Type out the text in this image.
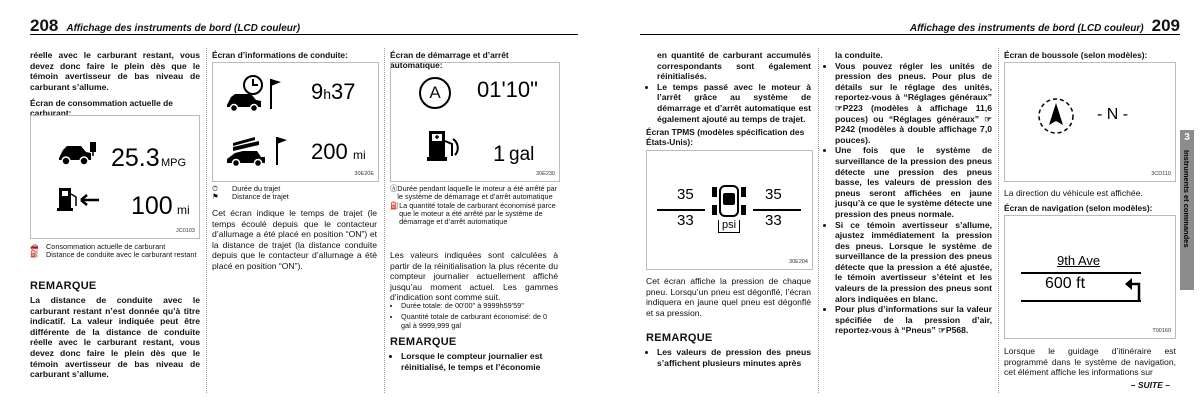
208 Affichage des instruments de bord (LCD couleur)
réelle avec le carburant restant, vous devez donc faire le plein dès que le témoin avertisseur de bas niveau de carburant s’allume.
Écran de consommation actuelle de carburant:
25.3 MPG
100 mi
JC0103
🚗 Consommation actuelle de carburant
⛽ Distance de conduite avec le carburant restant
REMARQUE
La distance de conduite avec le carburant restant n’est donnée qu’à titre indicatif. La valeur indiquée peut être différente de la distance de conduite réelle avec le carburant restant, vous devez donc faire le plein dès que le témoin avertisseur de bas niveau de carburant s’allume.
Écran d’informations de conduite:
9h37
200 mi
30E20E
⏱	Durée du trajet
⚑	Distance de trajet
Cet écran indique le temps de trajet (le temps écoulé depuis que le contacteur d’allumage a été placé en position “ON”) et la distance de trajet (la distance conduite depuis que le contacteur d’allumage a été placé en position “ON”).
Écran de démarrage et d’arrêt automatique:
A	01'10"
1 gal
30E230
Ⓐ Durée pendant laquelle le moteur a été arrêté par le système de démarrage et d’arrêt automatique
⛽ La quantité totale de carburant économisé parce que le moteur a été arrêté par le système de démarrage et d’arrêt automatique
Les valeurs indiquées sont calculées à partir de la réinitialisation la plus récente du compteur journalier actuellement affiché jusqu’au moment actuel. Les gammes d’indication sont comme suit.
• Durée totale: de 00'00" à 9999h59'59"
• Quantité totale de carburant économisé: de 0 gal à 9999,999 gal
REMARQUE
• Lorsque le compteur journalier est réinitialisé, le temps et l’économie
Affichage des instruments de bord (LCD couleur) 209
en quantité de carburant accumulés correspondants sont également réinitialisés.
• Le temps passé avec le moteur à l’arrêt grâce au système de démarrage et d’arrêt automatique est également ajouté au temps de trajet.
Écran TPMS (modèles spécification des États-Unis):
35	35
33	33
psi
30E204
Cet écran affiche la pression de chaque pneu. Lorsqu’un pneu est dégonflé, l’écran indiquera en jaune quel pneu est dégonflé et sa pression.
REMARQUE
• Les valeurs de pression des pneus s’affichent plusieurs minutes après
la conduite.
• Vous pouvez régler les unités de pression des pneus. Pour plus de détails sur le réglage des unités, reportez-vous à “Réglages généraux” ☞P223 (modèles à affichage 11,6 pouces) ou “Réglages généraux” ☞P242 (modèles à double affichage 7,0 pouces).
• Une fois que le système de surveillance de la pression des pneus détecte une pression des pneus basse, les valeurs de pression des pneus seront affichées en jaune jusqu’à ce que le système détecte une pression des pneus normale.
• Si ce témoin avertisseur s’allume, ajustez immédiatement la pression des pneus. Lorsque le système de surveillance de la pression des pneus détecte que la pression a été ajustée, le témoin avertisseur s’éteint et les valeurs de la pression des pneus sont alors indiquées en blanc.
• Pour plus d’informations sur la valeur spécifiée de la pression d’air, reportez-vous à “Pneus” ☞P568.
Écran de boussole (selon modèles):
- N -
3CD110
La direction du véhicule est affichée.
Écran de navigation (selon modèles):
9th Ave
600 ft
T00160
Lorsque le guidage d’itinéraire est programmé dans le système de navigation, cet élément affiche les informations sur
– SUITE –
3
Instruments et commandes
